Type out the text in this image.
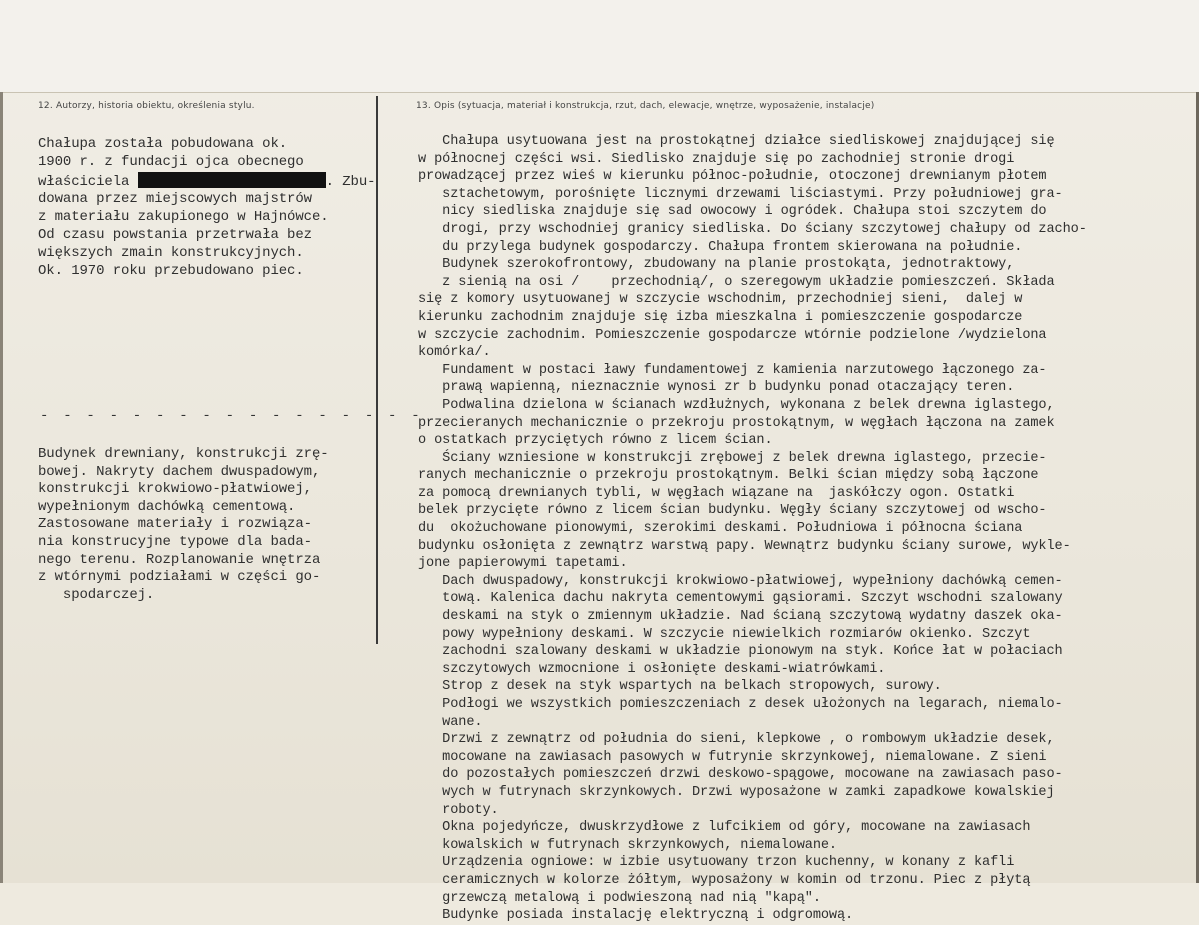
12. Autorzy, historia obiektu, określenia stylu.	13. Opis (sytuacja, materiał i konstrukcja, rzut, dach, elewacje, wnętrze, wyposażenie, instalacje)
Chałupa została pobudowana ok.
1900 r. z fundacji ojca obecnego
właściciela	. Zbu-
dowana przez miejscowych majstrów
z materiału zakupionego w Hajnówce.
Od czasu powstania przetrwała bez
większych zmain konstrukcyjnych.
Ok. 1970 roku przebudowano piec.
- - - - - - - - - - - - - - - - -
Budynek drewniany, konstrukcji zrę-
bowej. Nakryty dachem dwuspadowym,
konstrukcji krokwiowo-płatwiowej,
wypełnionym dachówką cementową.
Zastosowane materiały i rozwiąza-
nia konstrucyjne typowe dla bada-
nego terenu. Rozplanowanie wnętrza
z wtórnymi podziałami w części go-
spodarczej.
Chałupa usytuowana jest na prostokątnej działce siedliskowej znajdującej się
w północnej części wsi. Siedlisko znajduje się po zachodniej stronie drogi
prowadzącej przez wieś w kierunku północ-południe, otoczonej drewnianym płotem
sztachetowym, porośnięte licznymi drzewami liściastymi. Przy południowej gra-
nicy siedliska znajduje się sad owocowy i ogródek. Chałupa stoi szczytem do
drogi, przy wschodniej granicy siedliska. Do ściany szczytowej chałupy od zacho-
du przylega budynek gospodarczy. Chałupa frontem skierowana na południe.
Budynek szerokofrontowy, zbudowany na planie prostokąta, jednotraktowy,
z sienią na osi /    przechodnią/, o szeregowym układzie pomieszczeń. Składa
się z komory usytuowanej w szczycie wschodnim, przechodniej sieni,  dalej w
kierunku zachodnim znajduje się izba mieszkalna i pomieszczenie gospodarcze
w szczycie zachodnim. Pomieszczenie gospodarcze wtórnie podzielone /wydzielona
komórka/.
Fundament w postaci ławy fundamentowej z kamienia narzutowego łączonego za-
prawą wapienną, nieznacznie wynosi zr b budynku ponad otaczający teren.
Podwalina dzielona w ścianach wzdłużnych, wykonana z belek drewna iglastego,
przecieranych mechanicznie o przekroju prostokątnym, w węgłach łączona na zamek
o ostatkach przyciętych równo z licem ścian.
Ściany wzniesione w konstrukcji zrębowej z belek drewna iglastego, przecie-
ranych mechanicznie o przekroju prostokątnym. Belki ścian między sobą łączone
za pomocą drewnianych tybli, w węgłach wiązane na  jaskółczy ogon. Ostatki
belek przycięte równo z licem ścian budynku. Węgły ściany szczytowej od wscho-
du  okożuchowane pionowymi, szerokimi deskami. Południowa i północna ściana
budynku osłonięta z zewnątrz warstwą papy. Wewnątrz budynku ściany surowe, wykle-
jone papierowymi tapetami.
Dach dwuspadowy, konstrukcji krokwiowo-płatwiowej, wypełniony dachówką cemen-
tową. Kalenica dachu nakryta cementowymi gąsiorami. Szczyt wschodni szalowany
deskami na styk o zmiennym układzie. Nad ścianą szczytową wydatny daszek oka-
powy wypełniony deskami. W szczycie niewielkich rozmiarów okienko. Szczyt
zachodni szalowany deskami w układzie pionowym na styk. Końce łat w połaciach
szczytowych wzmocnione i osłonięte deskami-wiatrówkami.
Strop z desek na styk wspartych na belkach stropowych, surowy.
Podłogi we wszystkich pomieszczeniach z desek ułożonych na legarach, niemalo-
wane.
Drzwi z zewnątrz od południa do sieni, klepkowe , o rombowym układzie desek,
mocowane na zawiasach pasowych w futrynie skrzynkowej, niemalowane. Z sieni
do pozostałych pomieszczeń drzwi deskowo-spągowe, mocowane na zawiasach paso-
wych w futrynach skrzynkowych. Drzwi wyposażone w zamki zapadkowe kowalskiej
roboty.
Okna pojedyńcze, dwuskrzydłowe z lufcikiem od góry, mocowane na zawiasach
kowalskich w futrynach skrzynkowych, niemalowane.
Urządzenia ogniowe: w izbie usytuowany trzon kuchenny, w konany z kafli
ceramicznych w kolorze żółtym, wyposażony w komin od trzonu. Piec z płytą
grzewczą metalową i podwieszoną nad nią "kapą".
Budynke posiada instalację elektryczną i odgromową.
